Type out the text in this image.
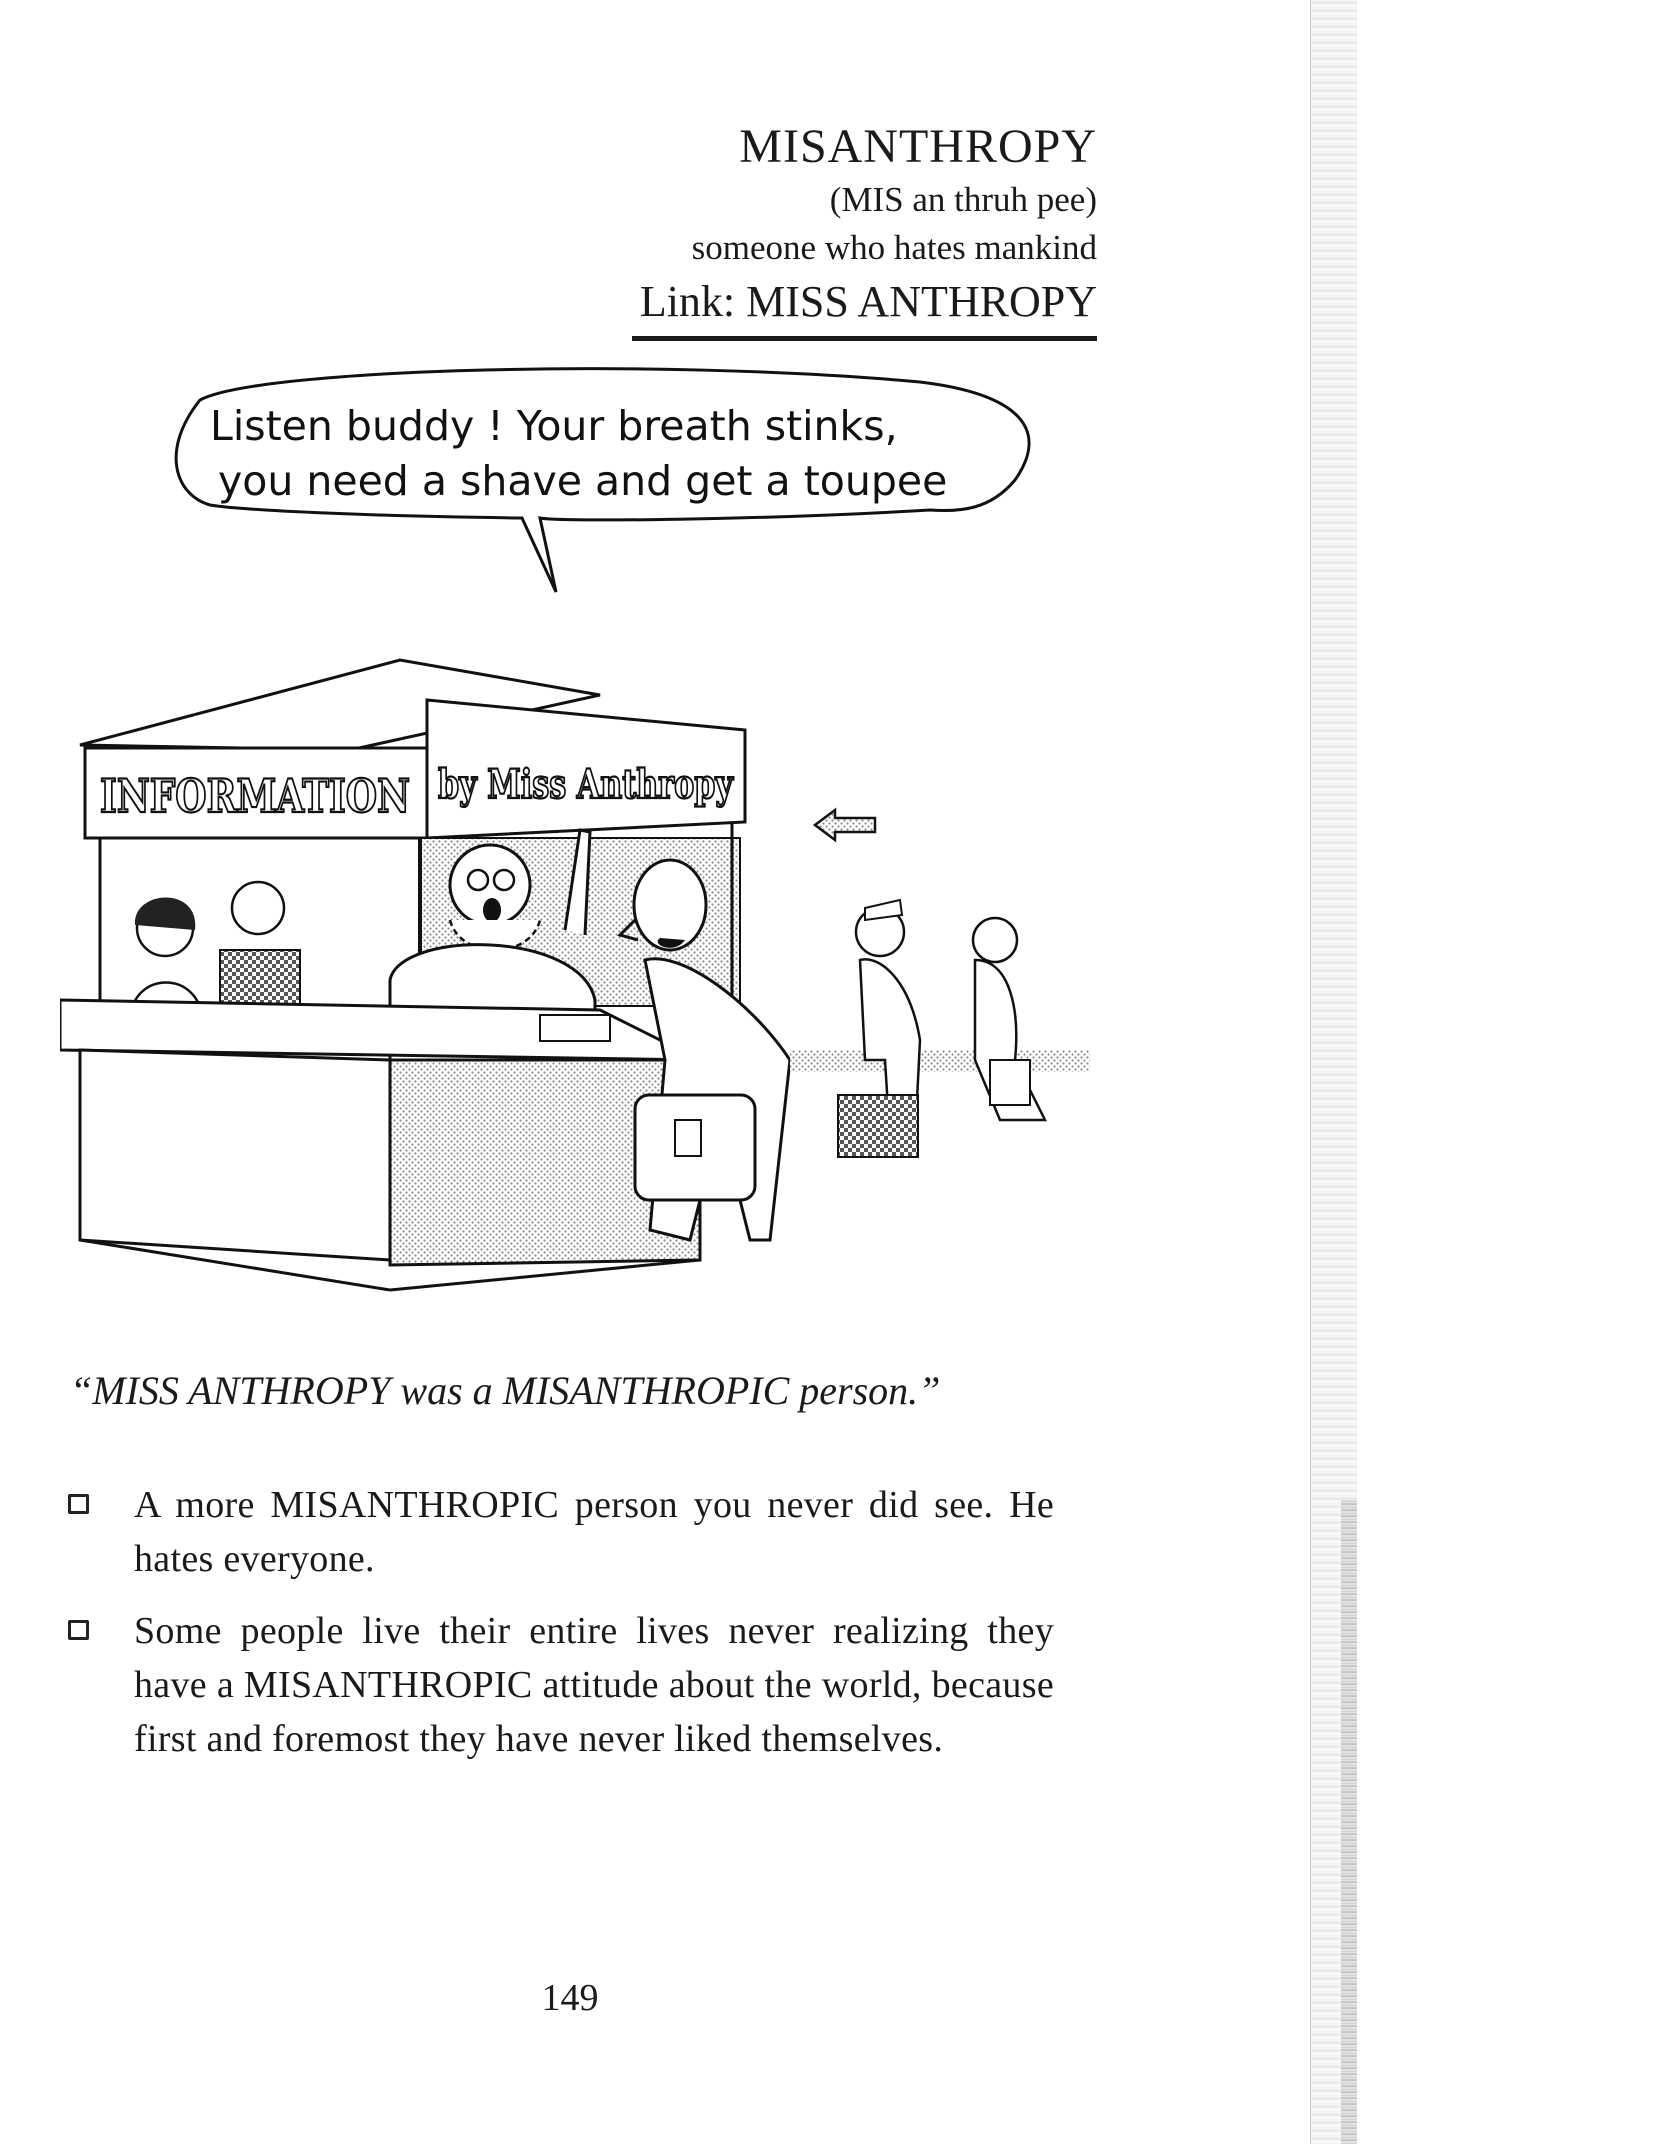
MISANTHROPY
(MIS an thruh pee)
someone who hates mankind
Link: MISS ANTHROPY
Listen buddy ! Your breath stinks,
you need a shave and get a toupee
INFORMATION by Miss Anthropy
“MISS ANTHROPY was a MISANTHROPIC person.”
A more MISANTHROPIC person you never did see. He hates everyone.
Some people live their entire lives never realizing they have a MISANTHROPIC attitude about the world, because first and foremost they have never liked themselves.
149
